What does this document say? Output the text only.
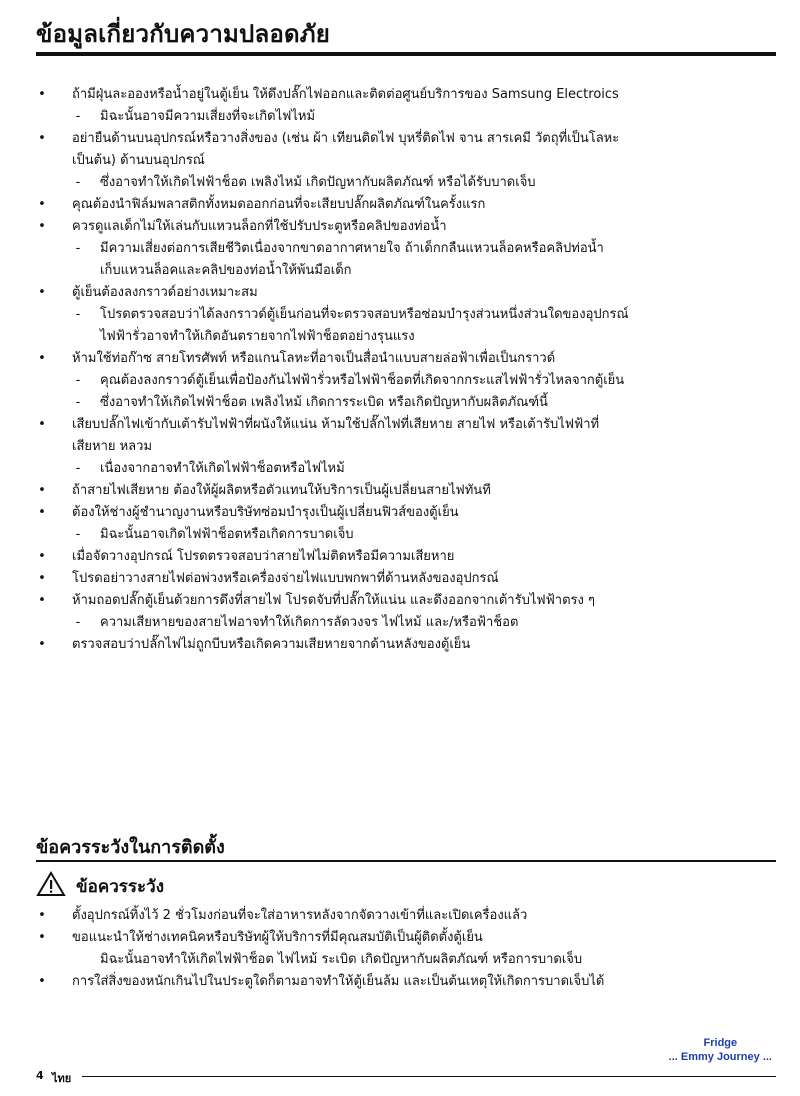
ข้อมูลเกี่ยวกับความปลอดภัย
• ถ้ามีฝุ่นละอองหรือน้ำอยู่ในตู้เย็น ให้ดึงปลั๊กไฟออกและติดต่อศูนย์บริการของ Samsung Electroics
- มิฉะนั้นอาจมีความเสี่ยงที่จะเกิดไฟไหม้
• อย่ายืนด้านบนอุปกรณ์หรือวางสิ่งของ (เช่น ผ้า เทียนติดไฟ บุหรี่ติดไฟ จาน สารเคมี วัตถุที่เป็นโลหะ
เป็นต้น) ด้านบนอุปกรณ์
- ซึ่งอาจทำให้เกิดไฟฟ้าช็อต เพลิงไหม้ เกิดปัญหากับผลิตภัณฑ์ หรือได้รับบาดเจ็บ
• คุณต้องนำฟิล์มพลาสติกทั้งหมดออกก่อนที่จะเสียบปลั๊กผลิตภัณฑ์ในครั้งแรก
• ควรดูแลเด็กไม่ให้เล่นกับแหวนล็อกที่ใช้ปรับประตูหรือคลิปของท่อน้ำ
- มีความเสี่ยงต่อการเสียชีวิตเนื่องจากขาดอากาศหายใจ ถ้าเด็กกลืนแหวนล็อคหรือคลิปท่อน้ำ
เก็บแหวนล็อคและคลิปของท่อน้ำให้พ้นมือเด็ก
• ตู้เย็นต้องลงกราวด์อย่างเหมาะสม
- โปรดตรวจสอบว่าได้ลงกราวด์ตู้เย็นก่อนที่จะตรวจสอบหรือซ่อมบำรุงส่วนหนึ่งส่วนใดของอุปกรณ์
ไฟฟ้ารั่วอาจทำให้เกิดอันตรายจากไฟฟ้าช็อตอย่างรุนแรง
• ห้ามใช้ท่อก๊าซ สายโทรศัพท์ หรือแกนโลหะที่อาจเป็นสื่อนำแบบสายล่อฟ้าเพื่อเป็นกราวด์
- คุณต้องลงกราวด์ตู้เย็นเพื่อป้องกันไฟฟ้ารั่วหรือไฟฟ้าช็อตที่เกิดจากกระแสไฟฟ้ารั่วไหลจากตู้เย็น
- ซึ่งอาจทำให้เกิดไฟฟ้าช็อต เพลิงไหม้ เกิดการระเบิด หรือเกิดปัญหากับผลิตภัณฑ์นี้
• เสียบปลั๊กไฟเข้ากับเต้ารับไฟฟ้าที่ผนังให้แน่น ห้ามใช้ปลั๊กไฟที่เสียหาย สายไฟ หรือเต้ารับไฟฟ้าที่
เสียหาย หลวม
- เนื่องจากอาจทำให้เกิดไฟฟ้าช็อตหรือไฟไหม้
• ถ้าสายไฟเสียหาย ต้องให้ผู้ผลิตหรือตัวแทนให้บริการเป็นผู้เปลี่ยนสายไฟทันที
• ต้องให้ช่างผู้ชำนาญงานหรือบริษัทซ่อมบำรุงเป็นผู้เปลี่ยนฟิวส์ของตู้เย็น
- มิฉะนั้นอาจเกิดไฟฟ้าช็อตหรือเกิดการบาดเจ็บ
• เมื่อจัดวางอุปกรณ์ โปรดตรวจสอบว่าสายไฟไม่ติดหรือมีความเสียหาย
• โปรดอย่าวางสายไฟต่อพ่วงหรือเครื่องจ่ายไฟแบบพกพาที่ด้านหลังของอุปกรณ์
• ห้ามถอดปลั๊กตู้เย็นด้วยการดึงที่สายไฟ โปรดจับที่ปลั๊กให้แน่น และดึงออกจากเต้ารับไฟฟ้าตรง ๆ
- ความเสียหายของสายไฟอาจทำให้เกิดการลัดวงจร ไฟไหม้ และ/หรือฟ้าช็อต
• ตรวจสอบว่าปลั๊กไฟไม่ถูกบีบหรือเกิดความเสียหายจากด้านหลังของตู้เย็น
ข้อควรระวังในการติดตั้ง
ข้อควรระวัง
• ตั้งอุปกรณ์ทิ้งไว้ 2 ชั่วโมงก่อนที่จะใส่อาหารหลังจากจัดวางเข้าที่และเปิดเครื่องแล้ว
• ขอแนะนำให้ช่างเทคนิคหรือบริษัทผู้ให้บริการที่มีคุณสมบัติเป็นผู้ติดตั้งตู้เย็น
มิฉะนั้นอาจทำให้เกิดไฟฟ้าช็อต ไฟไหม้ ระเบิด เกิดปัญหากับผลิตภัณฑ์ หรือการบาดเจ็บ
• การใส่สิ่งของหนักเกินไปในประตูใดก็ตามอาจทำให้ตู้เย็นล้ม และเป็นต้นเหตุให้เกิดการบาดเจ็บได้
Fridge
... Emmy Journey ...
4 ไทย
